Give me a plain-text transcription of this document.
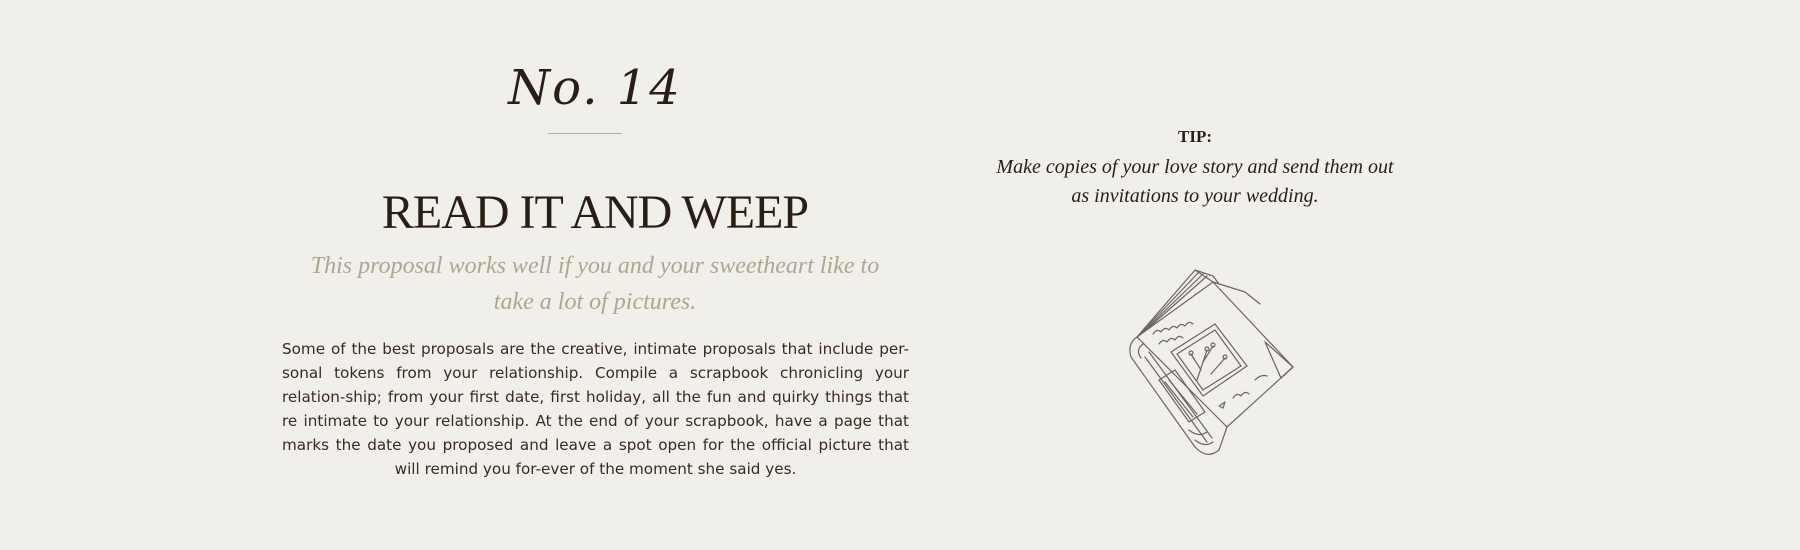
No. 14
READ IT AND WEEP
This proposal works well if you and your sweetheart like to take a lot of pictures.
Some of the best proposals are the creative, intimate proposals that include per-sonal tokens from your relationship. Compile a scrapbook chronicling your relation-ship; from your first date, first holiday, all the fun and quirky things that re intimate to your relationship. At the end of your scrapbook, have a page that marks the date you proposed and leave a spot open for the official picture that will remind you for-ever of the moment she said yes.
TIP:
Make copies of your love story and send them out
as invitations to your wedding.
